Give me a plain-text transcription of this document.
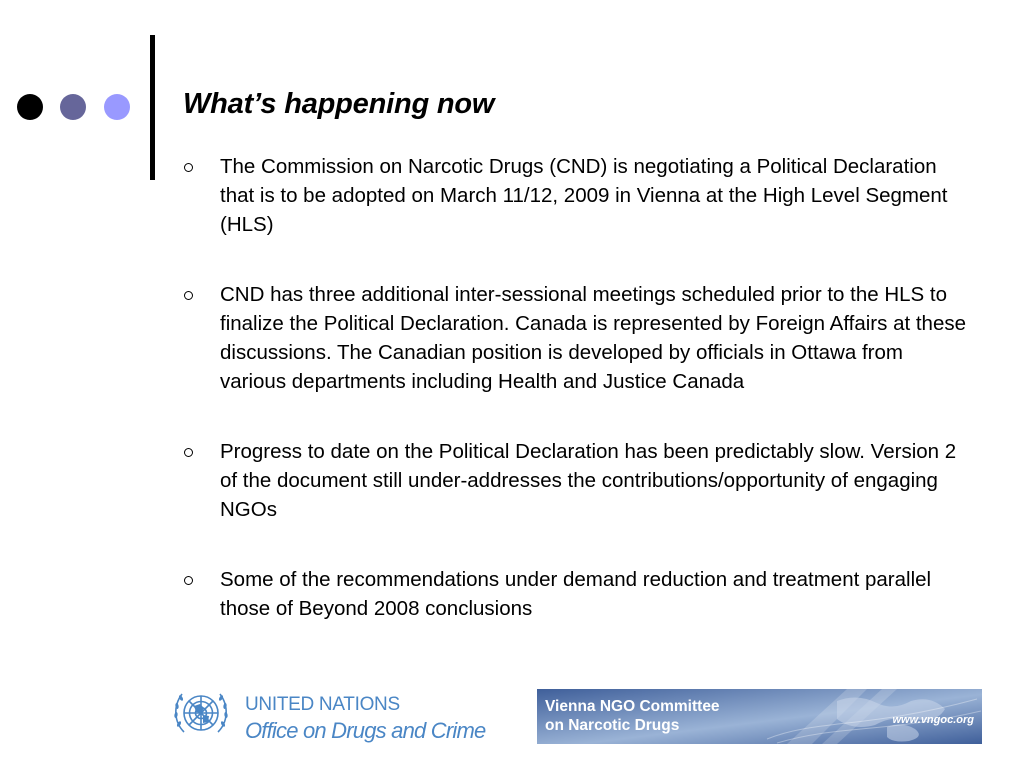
What’s happening now
The Commission on Narcotic Drugs (CND) is negotiating a Political Declaration that is to be adopted on March 11/12, 2009 in Vienna at the High Level Segment (HLS)
CND has three additional inter-sessional meetings scheduled prior to the HLS to finalize the Political Declaration. Canada is represented by Foreign Affairs at these discussions. The Canadian position is developed by officials in Ottawa from various departments including Health and Justice Canada
Progress to date on the Political Declaration has been predictably slow. Version 2 of the document still under-addresses the contributions/opportunity of engaging NGOs
Some of the recommendations under demand reduction and treatment parallel those of Beyond 2008 conclusions
UNITED NATIONS
Office on Drugs and Crime
Vienna NGO Committee
on Narcotic Drugs	www.vngoc.org
